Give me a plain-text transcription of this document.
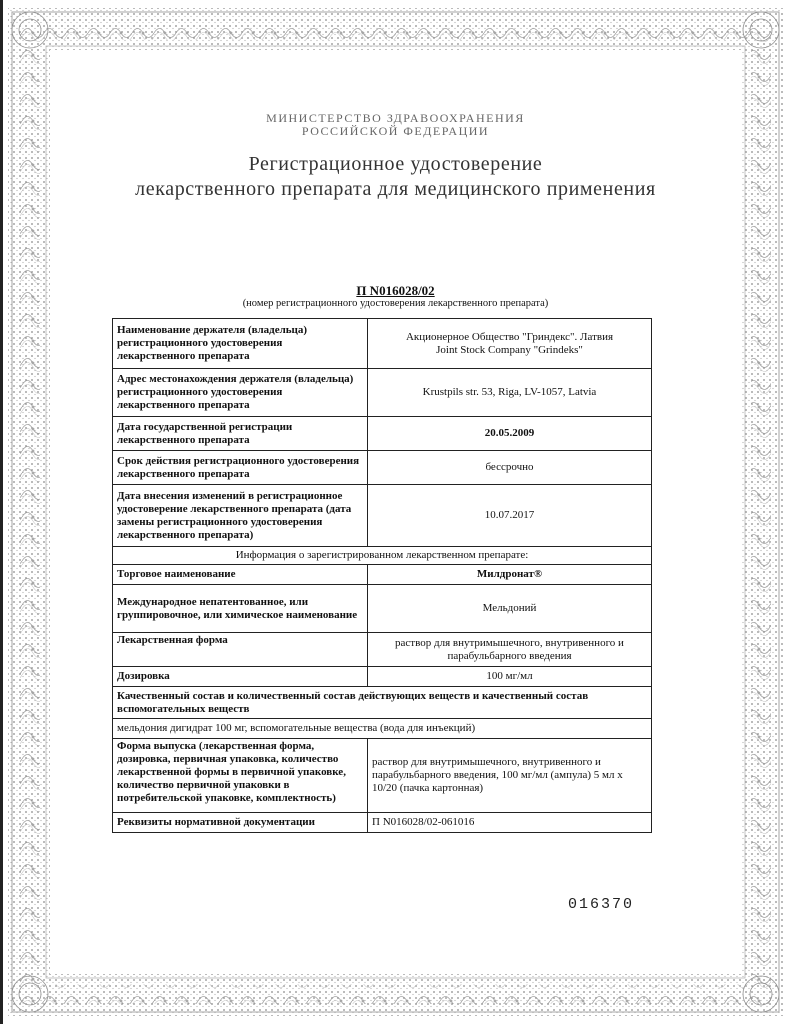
МИНИСТЕРСТВО ЗДРАВООХРАНЕНИЯ
РОССИЙСКОЙ ФЕДЕРАЦИИ
Регистрационное удостоверение
лекарственного препарата для медицинского применения
П N016028/02
(номер регистрационного удостоверения лекарственного препарата)
Наименование держателя (владельца) регистрационного удостоверения лекарственного препарата	Акционерное Общество "Гриндекс". Латвия
Joint Stock Company "Grindeks"

Адрес местонахождения держателя (владельца) регистрационного удостоверения лекарственного препарата	Krustpils str. 53, Riga, LV-1057, Latvia
Дата государственной регистрации лекарственного препарата	20.05.2009
Срок действия регистрационного удостоверения лекарственного препарата	бессрочно
Дата внесения изменений в регистрационное удостоверение лекарственного препарата (дата замены регистрационного удостоверения лекарственного препарата)	10.07.2017
Информация о зарегистрированном лекарственном препарате:	
Торговое наименование	Милдронат®
Международное непатентованное, или группировочное, или химическое наименование	Мельдоний
Лекарственная форма	раствор для внутримышечного, внутривенного и парабульбарного введения
Дозировка	100 мг/мл
Качественный состав и количественный состав действующих веществ и качественный состав вспомогательных веществ	
мельдония дигидрат 100 мг, вспомогательные вещества (вода для инъекций)	
Форма выпуска (лекарственная форма, дозировка, первичная упаковка, количество лекарственной формы в первичной упаковке, количество первичной упаковки в потребительской упаковке, комплектность)	раствор для внутримышечного, внутривенного и парабульбарного введения, 100 мг/мл (ампула) 5 мл х 10/20 (пачка картонная)
Реквизиты нормативной документации	П N016028/02-061016
016370
